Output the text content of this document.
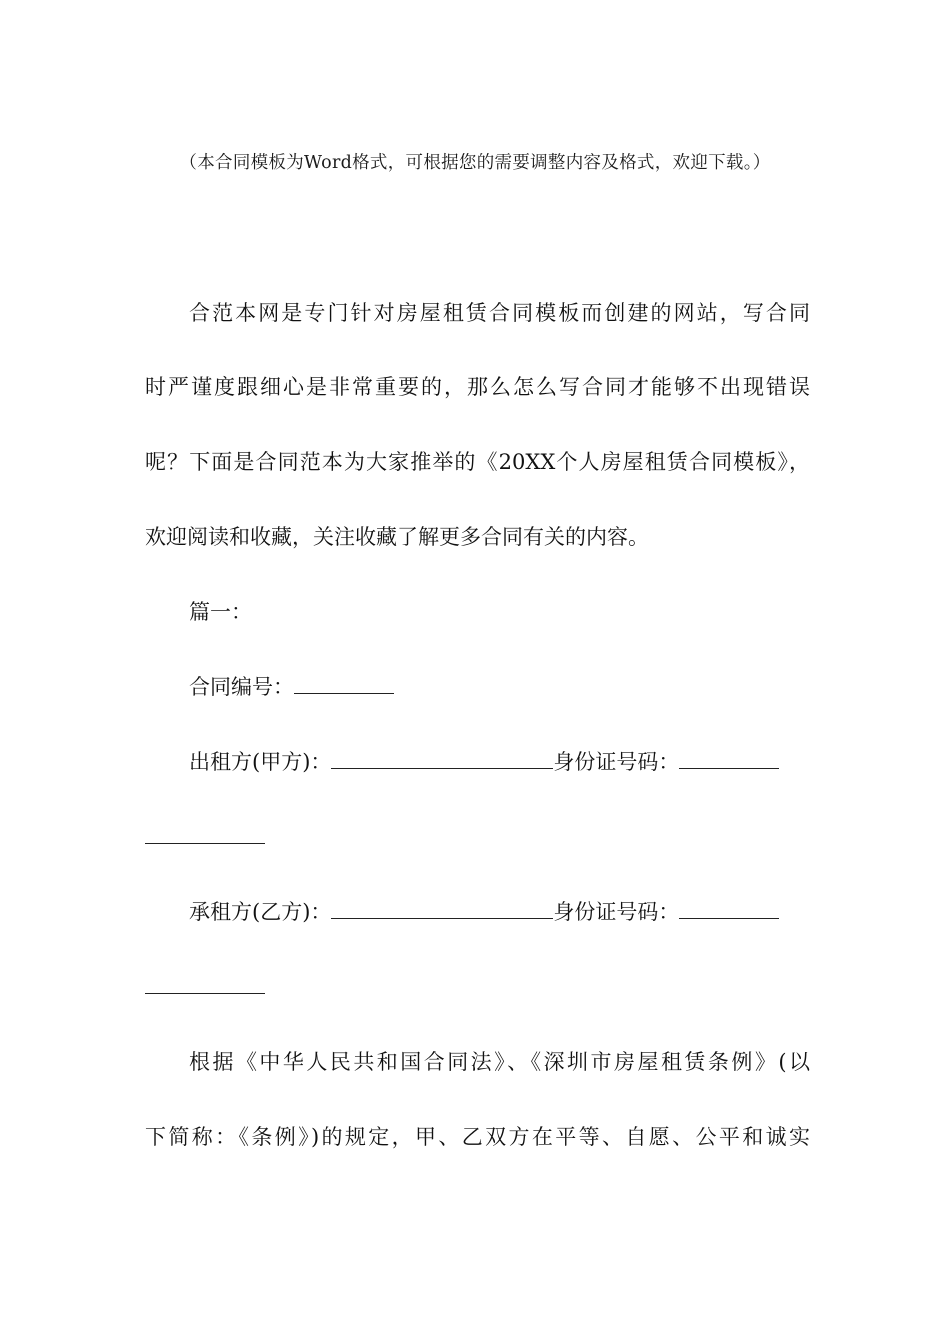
（本合同模板为Word格式，可根据您的需要调整内容及格式，欢迎下载。）
合范本网是专门针对房屋租赁合同模板而创建的网站，写合同
时严谨度跟细心是非常重要的，那么怎么写合同才能够不出现错误
呢？下面是合同范本为大家推举的《20XX个人房屋租赁合同模板》，
欢迎阅读和收藏，关注收藏了解更多合同有关的内容。
篇一：
合同编号：
出租方(甲方)：	身份证号码：
承租方(乙方)：	身份证号码：
根据《中华人民共和国合同法》、《深圳市房屋租赁条例》(以
下简称：《条例》)的规定，甲、乙双方在平等、自愿、公平和诚实
